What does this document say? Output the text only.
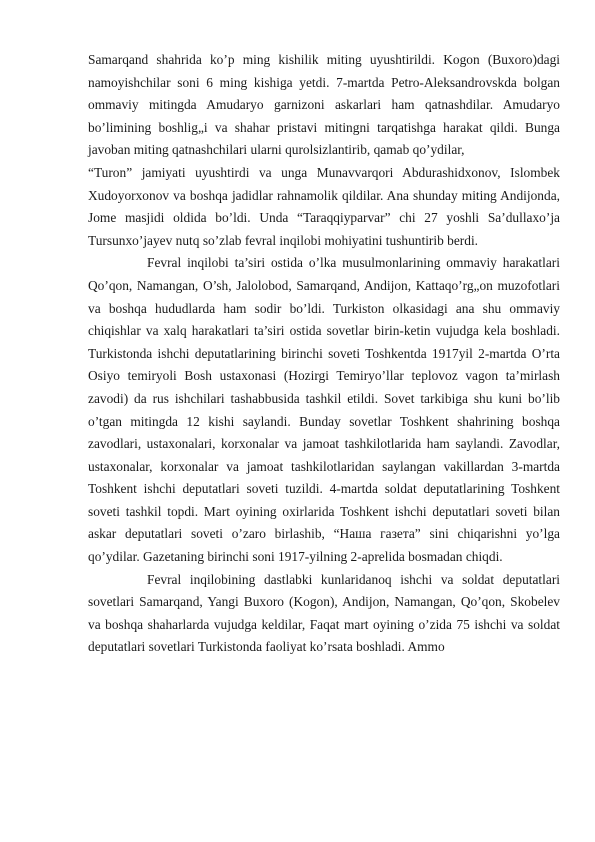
Samarqand shahrida ko’p ming kishilik miting uyushtirildi. Kogon (Buxoro)dagi namoyishchilar soni 6 ming kishiga yetdi. 7-martda Petro-Aleksandrovskda bolgan ommaviy mitingda Amudaryo garnizoni askarlari ham qatnashdilar. Amudaryo bo’limining boshlig„i va shahar pristavi mitingni tarqatishga harakat qildi. Bunga javoban miting qatnashchilari ularni qurolsizlantirib, qamab qo’ydilar,

“Turon” jamiyati uyushtirdi va unga Munavvarqori Abdurashidxonov, Islombek Xudoyorxonov va boshqa jadidlar rahnamolik qildilar. Ana shunday miting Andijonda, Jome masjidi oldida bo’ldi. Unda “Taraqqiyparvar” chi 27 yoshli Sa’dullaxo’ja Tursunxo’jayev nutq so’zlab fevral inqilobi mohiyatini tushuntirib berdi.

Fevral inqilobi ta’siri ostida o’lka musulmonlarining ommaviy harakatlari Qo’qon, Namangan, O’sh, Jalolobod, Samarqand, Andijon, Kattaqo’rg„on muzofotlari va boshqa hududlarda ham sodir bo’ldi. Turkiston olkasidagi ana shu ommaviy chiqishlar va xalq harakatlari ta’siri ostida sovetlar birin-ketin vujudga kela boshladi. Turkistonda ishchi deputatlarining birinchi soveti Toshkentda 1917yil 2-martda O’rta Osiyo temiryoli Bosh ustaxonasi (Hozirgi Temiryo’llar teplovoz vagon ta’mirlash zavodi) da rus ishchilari tashabbusida tashkil etildi. Sovet tarkibiga shu kuni bo’lib o’tgan mitingda 12 kishi saylandi. Bunday sovetlar Toshkent shahrining boshqa zavodlari, ustaxonalari, korxonalar va jamoat tashkilotlarida ham saylandi. Zavodlar, ustaxonalar, korxonalar va jamoat tashkilotlaridan saylangan vakillardan 3-martda Toshkent ishchi deputatlari soveti tuzildi. 4-martda soldat deputatlarining Toshkent soveti tashkil topdi. Mart oyining oxirlarida Toshkent ishchi deputatlari soveti bilan askar deputatlari soveti o’zaro birlashib, “Наша газета” sini chiqarishni yo’lga qo’ydilar. Gazetaning birinchi soni 1917-yilning 2-aprelida bosmadan chiqdi.

Fevral inqilobining dastlabki kunlaridanoq ishchi va soldat deputatlari sovetlari Samarqand, Yangi Buxoro (Kogon), Andijon, Namangan, Qo’qon, Skobelev va boshqa shaharlarda vujudga keldilar, Faqat mart oyining o’zida 75 ishchi va soldat deputatlari sovetlari Turkistonda faoliyat ko’rsata boshladi. Ammo
